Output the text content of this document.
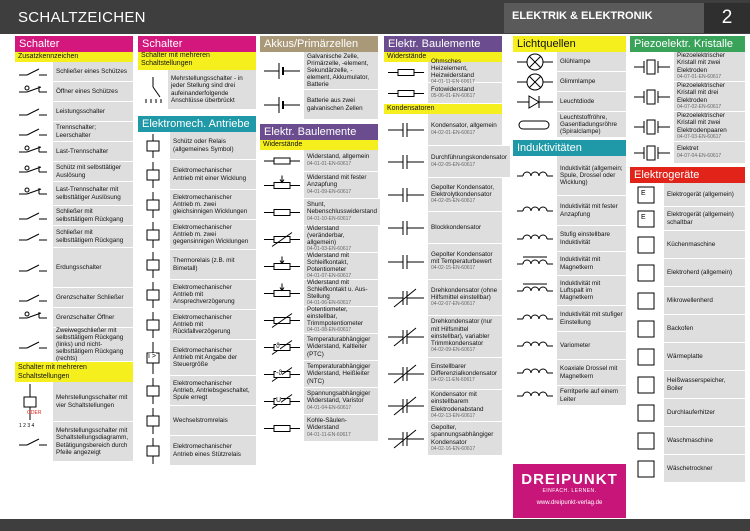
SCHALTZEICHEN	ELEKTRIK & ELEKTRONIK	2
Schalter
Zusatzkennzeichen
Schließer eines Schützes
Öffner eines Schützes
Leistungsschalter
Trennschalter; Leerschalter
Last-Trennschalter
Schütz mit selbsttätiger Auslösung
Last-Trennschalter mit selbsttätiger Auslösung
Schließer mit selbsttätigem Rückgang
Schließer mit selbsttätigem Rückgang
Erdungsschalter
Grenzschalter Schließer
Grenzschalter Öffner
Zweiwegschließer mit selbsttätigem Rückgang (links) und nicht-selbsttätigem Rückgang (rechts)
Schalter mit mehreren Schaltstellungen
Mehrstellungsschalter mit vier Schaltstellungen
Mehrstellungsschalter mit Schaltstellungsdiagramm, Betätigungsbereich durch Pfeile angezeigt
ODER
1 2 3 4
Schalter
Schalter mit mehreren Schaltstellungen
Mehrstellungsschalter - in jeder Stellung sind drei aufeinanderfolgende Anschlüsse überbrückt
Elektromech. Antriebe
Schütz oder Relais (allgemeines Symbol)
Elektromechanischer Antrieb mit einer Wicklung
Elektromechanischer Antrieb m. zwei gleichsinnigen Wicklungen
Elektromechanischer Antrieb m. zwei gegensinnigen Wicklungen
Thermorelais (z.B. mit Bimetall)
Elektromechanischer Antrieb mit Ansprechverzögerung
Elektromechanischer Antrieb mit Rückfallverzögerung
I >
Elektromechanischer Antrieb mit Angabe der Steuergröße
Elektromechanischer Antrieb, Antriebsgeschaltet, Spule erregt
Wechselstromrelais
Elektromechanischer Antrieb eines Stützrelais
Akkus/Primärzellen
Galvanische Zelle, Primärzelle, -element, Sekundärzelle, -element, Akkumulator, Batterie
Batterie aus zwei galvanischen Zellen
Elektr. Baulemente
Widerstände
Widerstand, allgemein
04-01-01-EN-60617
Widerstand mit fester Anzapfung
04-01-09-EN-60617
Shunt, Nebenschlusswiderstand
04-01-10-EN-60617
Widerstand (veränderbar, allgemein)
04-01-03-EN-60617
Widerstand mit Schleifkontakt, Potentiometer
04-01-07-EN-60617
Widerstand mit Schleifkontakt u. Aus-Stellung
04-01-06-EN-60617
Potentiometer, einstellbar, Trimmpotentiometer
04-01-08-EN-60617
ϑ
Temperaturabhängiger Widerstand, Kaltleiter (PTC)
-ϑ
Temperaturabhängiger Widerstand, Heißleiter (NTC)
U
Spannungsabhängiger Widerstand, Varistor
04-01-04-EN-60617
Kohle-Säulen-Widerstand
04-01-11-EN-60617
Elektr. Baulemente
Widerstände
Ohmsches Heizelement, Heizwiderstand
Fotowiderstand
05-06-01-EN-60617
Kondensatoren
Kondensator, allgemein
04-02-01-EN-60617
Durchführungskondensator
04-02-05-EN-60617
Gepolter Kondensator, Elektrolytkondensator
04-02-05-EN-60617
Blockkondensator
Gepolter Kondensator mit Temperaturbewert
04-02-15-EN-60617
Drehkondensator (ohne Hilfsmittel einstellbar)
04-02-07-EN-60617
Drehkondensator (nur mit Hilfsmittel einstellbar), variabler Trimmkondensator
04-02-09-EN-60617
Einstellbarer Differenzialkondensator
04-02-11-EN-60617
Kondensator mit einstellbarem Elektrodenabstand
04-02-13-EN-60617
Gepolter, spannungsabhängiger Kondensator
04-02-16-EN-60617
Lichtquellen
Glühlampe
Glimmlampe
Leuchtdiode
Leuchtstoffröhre, Gasentladungsröhre (Spiralclampe)
Induktivitäten
Induktivität (allgemein; Spule, Drossel oder Wicklung)
Induktivität mit fester Anzapfung
Stufig einstellbare Induktivität
Induktivität mit Magnetkern
Induktivität mit Luftspalt im Magnetkern
Induktivität mit stufiger Einstellung
Variometer
Koaxiale Drossel mit Magnetkern
Ferritperle auf einem Leiter
DREIPUNKT
EINFACH. LERNEN.
www.dreipunkt-verlag.de
Piezoelektr. Kristalle
Piezoelektrischer Kristall mit zwei Elektroden
04-07-01-EN-60617
Piezoelektrischer Kristall mit drei Elektroden
04-07-02-EN-60617
Piezoelektrischer Kristall mit zwei Elektrodenpaaren
04-07-03-EN-60617
Elektret
04-07-04-EN-60617
Elektrogeräte
E	Elektrogerät (allgemein)
E	Elektrogerät (allgemein) schaltbar
Küchenmaschine
Elektroherd (allgemein)
Mikrowellenherd
Backofen
Wärmeplatte
Heißwasserspeicher, Boiler
Durchlauferhitzer
Waschmaschine
Wäschetrockner
